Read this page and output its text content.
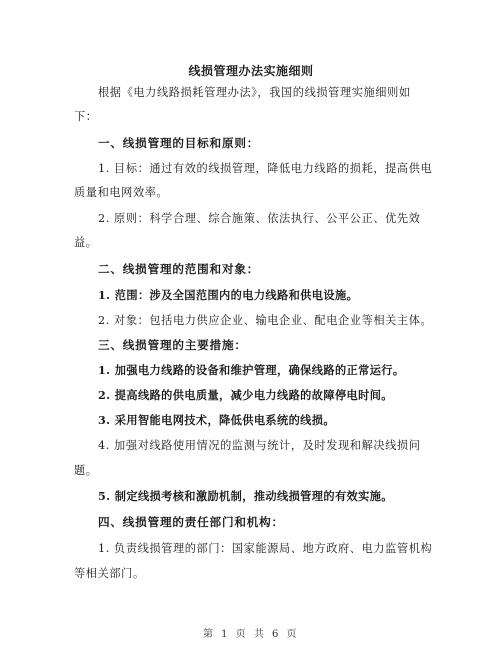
线损管理办法实施细则
根据《电力线路损耗管理办法》，我国的线损管理实施细则如
下：
一、线损管理的目标和原则：
1. 目标：通过有效的线损管理，降低电力线路的损耗，提高供电
质量和电网效率。
2. 原则：科学合理、综合施策、依法执行、公平公正、优先效
益。
二、线损管理的范围和对象：
1. 范围：涉及全国范围内的电力线路和供电设施。
2. 对象：包括电力供应企业、输电企业、配电企业等相关主体。
三、线损管理的主要措施：
1. 加强电力线路的设备和维护管理，确保线路的正常运行。
2. 提高线路的供电质量，减少电力线路的故障停电时间。
3. 采用智能电网技术，降低供电系统的线损。
4. 加强对线路使用情况的监测与统计，及时发现和解决线损问
题。
5. 制定线损考核和激励机制，推动线损管理的有效实施。
四、线损管理的责任部门和机构：
1. 负责线损管理的部门：国家能源局、地方政府、电力监管机构
等相关部门。
第 1 页 共 6 页
